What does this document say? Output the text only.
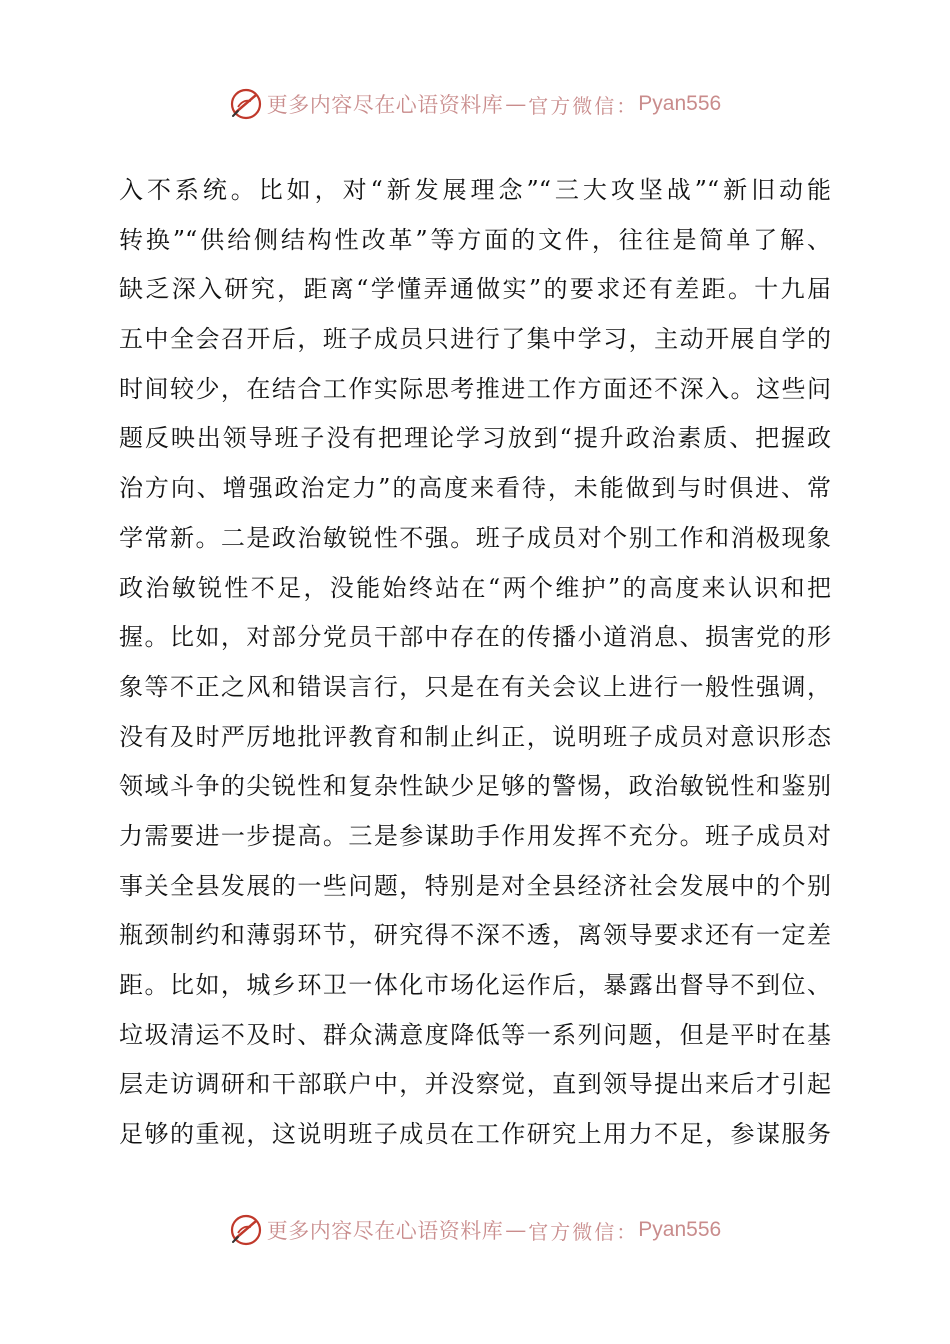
更多内容尽在心语资料库 — 官方微信： Pyan556
入不系统。比如，对“新发展理念”“三大攻坚战”“新旧动能
转换”“供给侧结构性改革”等方面的文件，往往是简单了解、
缺乏深入研究，距离“学懂弄通做实”的要求还有差距。十九届
五中全会召开后，班子成员只进行了集中学习，主动开展自学的
时间较少，在结合工作实际思考推进工作方面还不深入。这些问
题反映出领导班子没有把理论学习放到“提升政治素质、把握政
治方向、增强政治定力”的高度来看待，未能做到与时俱进、常
学常新。二是政治敏锐性不强。班子成员对个别工作和消极现象
政治敏锐性不足，没能始终站在“两个维护”的高度来认识和把
握。比如，对部分党员干部中存在的传播小道消息、损害党的形
象等不正之风和错误言行，只是在有关会议上进行一般性强调，
没有及时严厉地批评教育和制止纠正，说明班子成员对意识形态
领域斗争的尖锐性和复杂性缺少足够的警惕，政治敏锐性和鉴别
力需要进一步提高。三是参谋助手作用发挥不充分。班子成员对
事关全县发展的一些问题，特别是对全县经济社会发展中的个别
瓶颈制约和薄弱环节，研究得不深不透，离领导要求还有一定差
距。比如，城乡环卫一体化市场化运作后，暴露出督导不到位、
垃圾清运不及时、群众满意度降低等一系列问题，但是平时在基
层走访调研和干部联户中，并没察觉，直到领导提出来后才引起
足够的重视，这说明班子成员在工作研究上用力不足，参谋服务
更多内容尽在心语资料库 — 官方微信： Pyan556
